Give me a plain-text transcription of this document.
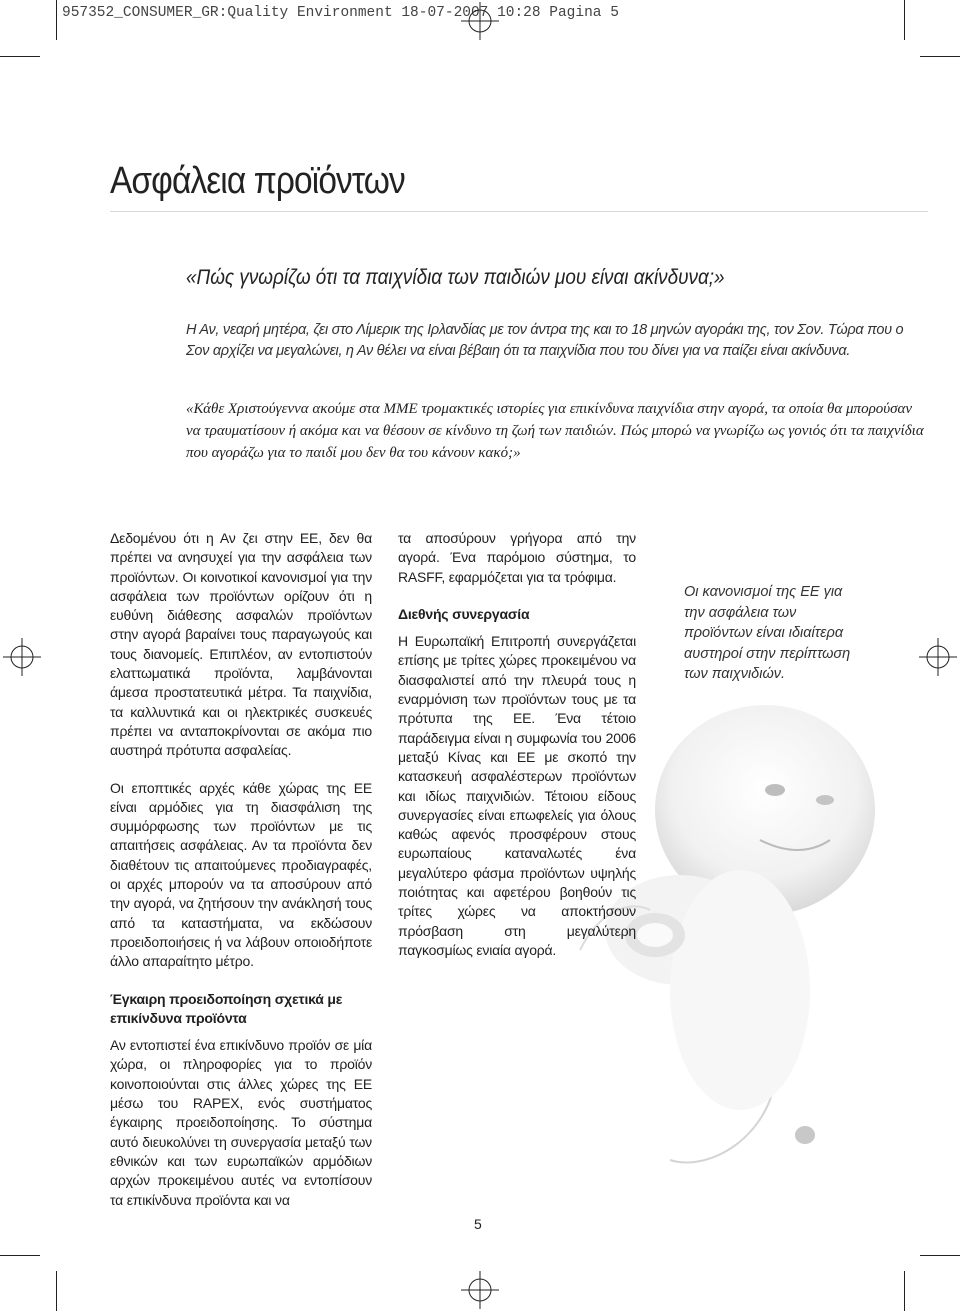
957352_CONSUMER_GR:Quality Environment 18-07-2007 10:28 Pagina 5
Ασφάλεια προϊόντων
«Πώς γνωρίζω ότι τα παιχνίδια των παιδιών μου είναι ακίνδυνα;»

Η Αν, νεαρή μητέρα, ζει στο Λίμερικ της Ιρλανδίας με τον άντρα της και το 18 μηνών αγοράκι της, τον Σον. Τώρα που ο Σον αρχίζει να μεγαλώνει, η Αν θέλει να είναι βέβαιη ότι τα παιχνίδια που του δίνει για να παίζει είναι ακίνδυνα.

«Κάθε Χριστούγεννα ακούμε στα ΜΜΕ τρομακτικές ιστορίες για επικίνδυνα παιχνίδια στην αγορά, τα οποία θα μπορούσαν να τραυματίσουν ή ακόμα και να θέσουν σε κίνδυνο τη ζωή των παιδιών. Πώς μπορώ να γνωρίζω ως γονιός ότι τα παιχνίδια που αγοράζω για το παιδί μου δεν θα του κάνουν κακό;»

Δεδομένου ότι η Αν ζει στην ΕΕ, δεν θα πρέπει να ανησυχεί για την ασφάλεια των προϊόντων. Οι κοινοτικοί κανονισμοί για την ασφάλεια των προϊόντων ορίζουν ότι η ευθύνη διάθεσης ασφαλών προϊόντων στην αγορά βαραίνει τους παραγωγούς και τους διανομείς. Επιπλέον, αν εντοπιστούν ελαττωματικά προϊόντα, λαμβάνονται άμεσα προστατευτικά μέτρα. Τα παιχνίδια, τα καλλυντικά και οι ηλεκτρικές συσκευές πρέπει να ανταποκρίνονται σε ακόμα πιο αυστηρά πρότυπα ασφαλείας.

Οι εποπτικές αρχές κάθε χώρας της ΕΕ είναι αρμόδιες για τη διασφάλιση της συμμόρφωσης των προϊόντων με τις απαιτήσεις ασφάλειας. Αν τα προϊόντα δεν διαθέτουν τις απαιτούμενες προδιαγραφές, οι αρχές μπορούν να τα αποσύρουν από την αγορά, να ζητήσουν την ανάκλησή τους από τα καταστήματα, να εκδώσουν προειδοποιήσεις ή να λάβουν οποιοδήποτε άλλο απαραίτητο μέτρο.

Έγκαιρη προειδοποίηση σχετικά με επικίνδυνα προϊόντα

Αν εντοπιστεί ένα επικίνδυνο προϊόν σε μία χώρα, οι πληροφορίες για το προϊόν κοινοποιούνται στις άλλες χώρες της ΕΕ μέσω του RAPEX, ενός συστήματος έγκαιρης προειδοποίησης. Το σύστημα αυτό διευκολύνει τη συνεργασία μεταξύ των εθνικών και των ευρωπαϊκών αρμόδιων αρχών προκειμένου αυτές να εντοπίσουν τα επικίνδυνα προϊόντα και να

τα αποσύρουν γρήγορα από την αγορά. Ένα παρόμοιο σύστημα, το RASFF, εφαρμόζεται για τα τρόφιμα.

Διεθνής συνεργασία

Η Ευρωπαϊκή Επιτροπή συνεργάζεται επίσης με τρίτες χώρες προκειμένου να διασφαλιστεί από την πλευρά τους η εναρμόνιση των προϊόντων τους με τα πρότυπα της ΕΕ. Ένα τέτοιο παράδειγμα είναι η συμφωνία του 2006 μεταξύ Κίνας και ΕΕ με σκοπό την κατασκευή ασφαλέστερων προϊόντων και ιδίως παιχνιδιών. Τέτοιου είδους συνεργασίες είναι επωφελείς για όλους καθώς αφενός προσφέρουν στους ευρωπαίους καταναλωτές ένα μεγαλύτερο φάσμα προϊόντων υψηλής ποιότητας και αφετέρου βοηθούν τις τρίτες χώρες να αποκτήσουν πρόσβαση στη μεγαλύτερη παγκοσμίως ενιαία αγορά.

Οι κανονισμοί της ΕΕ για την ασφάλεια των προϊόντων είναι ιδιαίτερα αυστηροί στην περίπτωση των παιχνιδιών.

5
